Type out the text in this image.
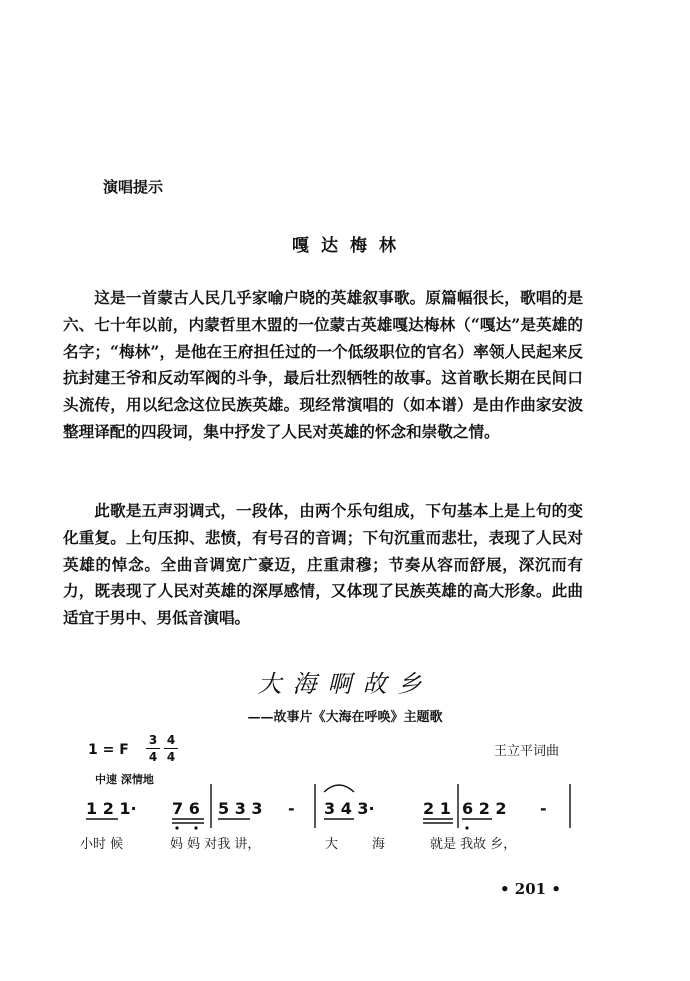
演唱提示
嘎达梅林

这是一首蒙古人民几乎家喻户晓的英雄叙事歌。原篇幅很长，歌唱的是六、七十年以前，内蒙哲里木盟的一位蒙古英雄嘎达梅林（“嘎达”是英雄的名字；“梅林”，是他在王府担任过的一个低级职位的官名）率领人民起来反抗封建王爷和反动军阀的斗争，最后壮烈牺牲的故事。这首歌长期在民间口头流传，用以纪念这位民族英雄。现经常演唱的（如本谱）是由作曲家安波整理译配的四段词，集中抒发了人民对英雄的怀念和崇敬之情。

此歌是五声羽调式，一段体，由两个乐句组成，下句基本上是上句的变化重复。上句压抑、悲愤，有号召的音调；下句沉重而悲壮，表现了人民对英雄的悼念。全曲音调宽广豪迈，庄重肃穆；节奏从容而舒展，深沉而有力，既表现了人民对英雄的深厚感情，又体现了民族英雄的高大形象。此曲适宜于男中、男低音演唱。

大海啊故乡
——故事片《大海在呼唤》主题歌
1 = F
3
4
4
4	王立平词曲
中速 深情地
1 2 1· 7 6 5 3 3 - 3 4 3·	2 1 6 2 2 -
小时 候	妈 妈 对我 讲，	大	海	就是 我故 乡，
• 201 •
